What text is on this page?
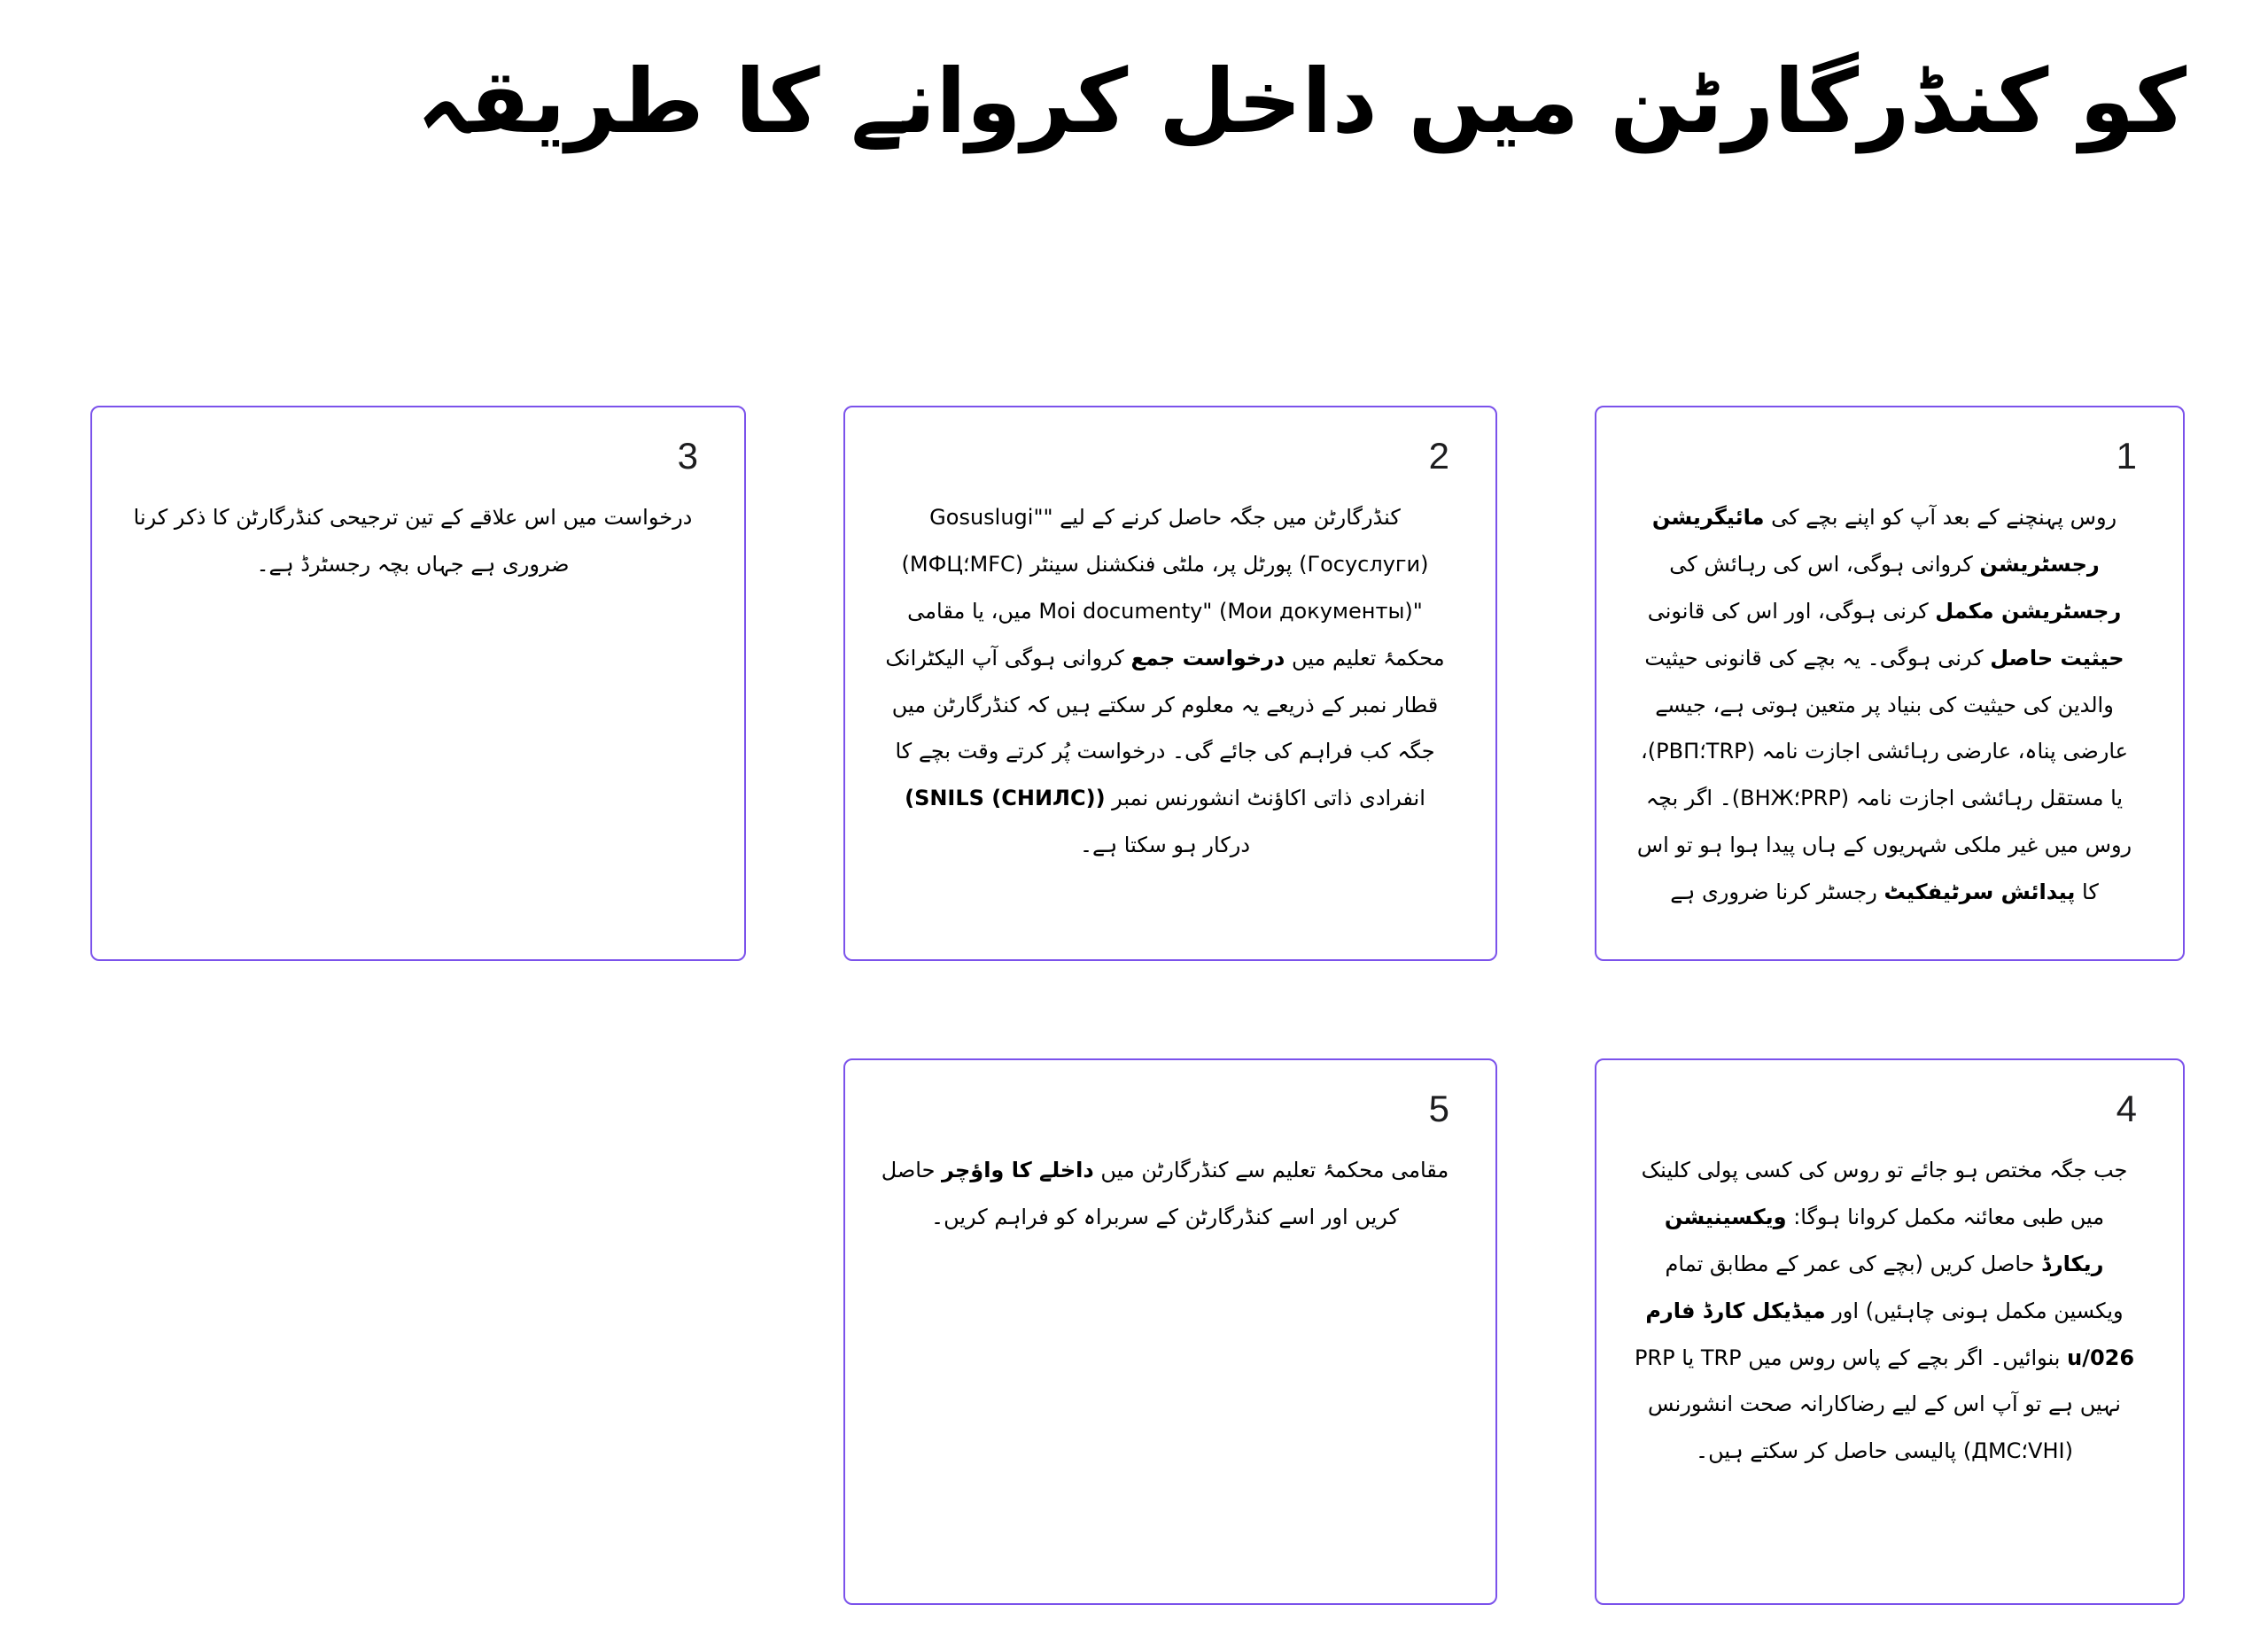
کو کنڈرگارٹن میں داخل کروانے کا طریقہ
1

روس پہنچنے کے بعد آپ کو اپنے بچے کی مائیگریشن رجسٹریشن کروانی ہوگی، اس کی رہائش کی رجسٹریشن مکمل کرنی ہوگی، اور اس کی قانونی حیثیت حاصل کرنی ہوگی۔ یہ بچے کی قانونی حیثیت والدین کی حیثیت کی بنیاد پر متعین ہوتی ہے، جیسے عارضی پناہ، عارضی رہائشی اجازت نامہ (TRP؛РВП)، یا مستقل رہائشی اجازت نامہ (PRP؛ВНЖ)۔ اگر بچہ روس میں غیر ملکی شہریوں کے ہاں پیدا ہوا ہو تو اس کا پیدائش سرٹیفکیٹ رجسٹر کرنا ضروری ہے

2

کنڈرگارٹن میں جگہ حاصل کرنے کے لیے ""Gosuslugi (Госуслуги) پورٹل پر، ملٹی فنکشنل سینٹر (MFC؛МФЦ) "Moi documenty" (Мои документы) میں، یا مقامی محکمۂ تعلیم میں درخواست جمع کروانی ہوگی آپ الیکٹرانک قطار نمبر کے ذریعے یہ معلوم کر سکتے ہیں کہ کنڈرگارٹن میں جگہ کب فراہم کی جائے گی۔ درخواست پُر کرتے وقت بچے کا انفرادی ذاتی اکاؤنٹ انشورنس نمبر (SNILS (СНИЛС)) درکار ہو سکتا ہے۔

3

درخواست میں اس علاقے کے تین ترجیحی کنڈرگارٹن کا ذکر کرنا ضروری ہے جہاں بچہ رجسٹرڈ ہے۔

4

جب جگہ مختص ہو جائے تو روس کی کسی پولی کلینک میں طبی معائنہ مکمل کروانا ہوگا: ویکسینیشن ریکارڈ حاصل کریں (بچے کی عمر کے مطابق تمام ویکسین مکمل ہونی چاہئیں) اور میڈیکل کارڈ فارم 026/u بنوائیں۔ اگر بچے کے پاس روس میں TRP یا PRP نہیں ہے تو آپ اس کے لیے رضاکارانہ صحت انشورنس (VHI؛ДМС) پالیسی حاصل کر سکتے ہیں۔

5

مقامی محکمۂ تعلیم سے کنڈرگارٹن میں داخلے کا واؤچر حاصل کریں اور اسے کنڈرگارٹن کے سربراہ کو فراہم کریں۔
